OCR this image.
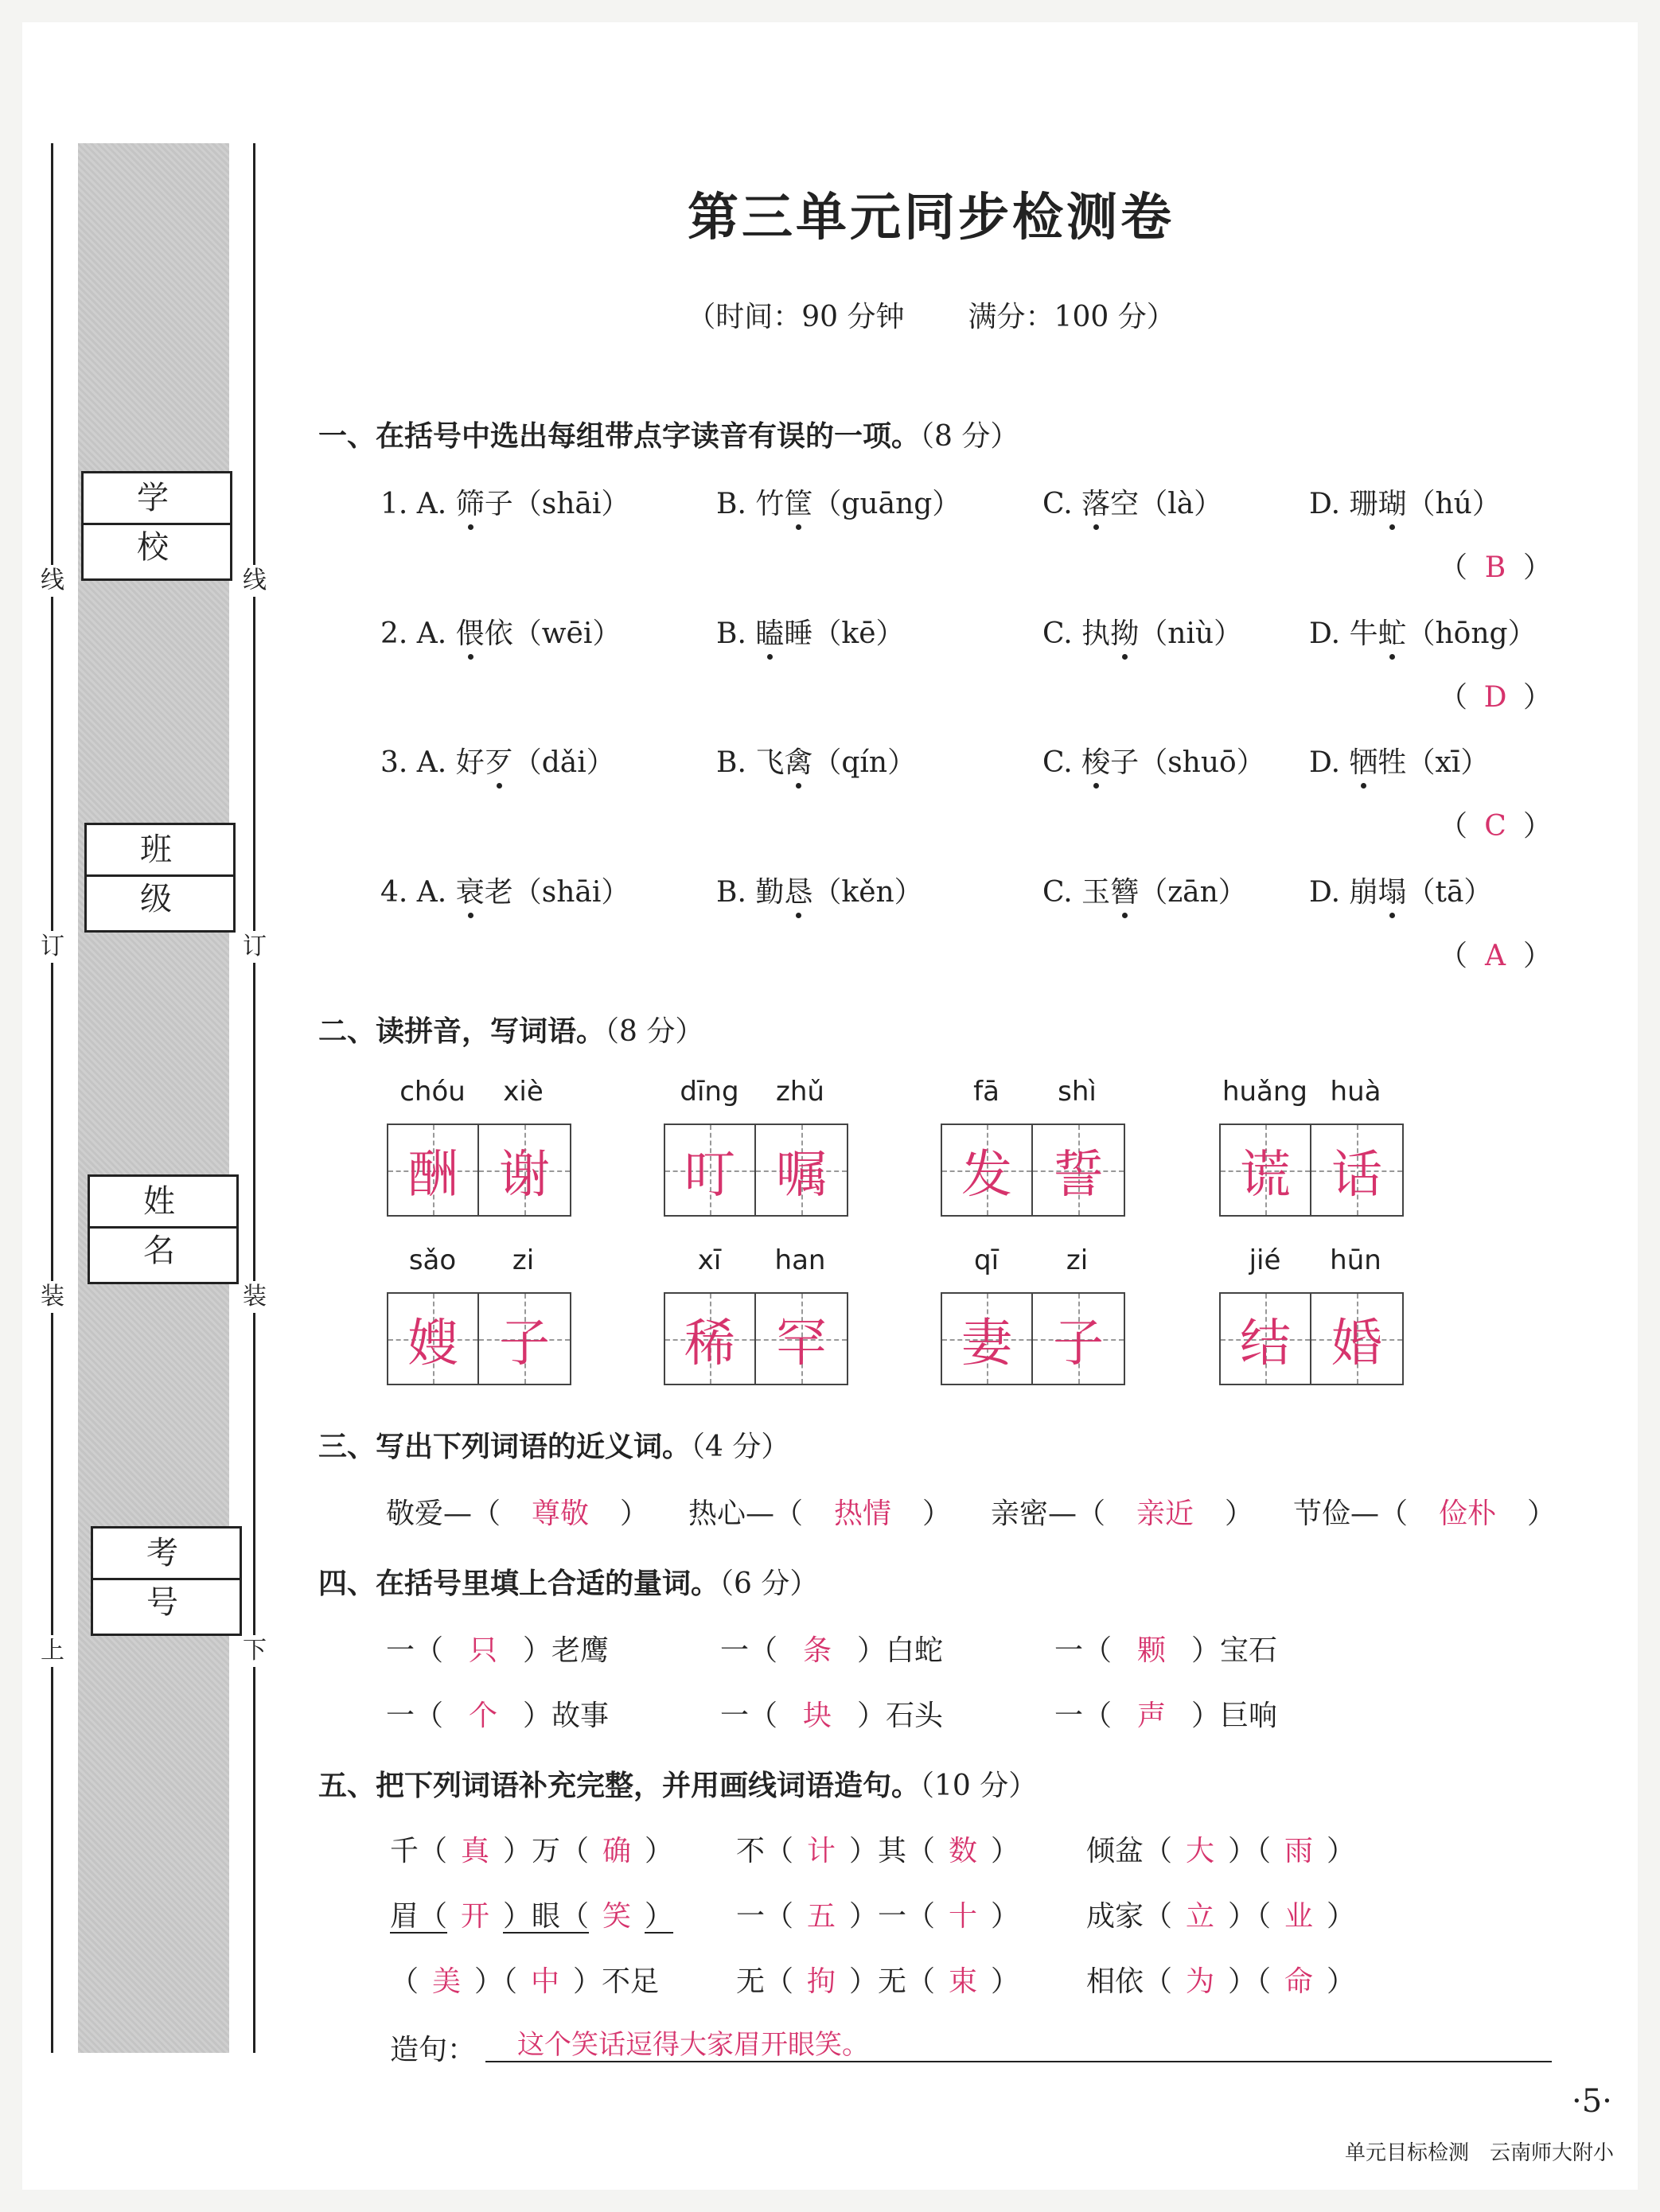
线	线
订	订
装	装
上	下
学 校
班 级
姓 名
考 号
第三单元同步检测卷
（时间：90 分钟 满分：100 分）
一、在括号中选出每组带点字读音有误的一项。（8 分）
1. A. 筛子（shāi）	B. 竹筐（guāng）	C. 落空（là）	D. 珊瑚（hú）
（ B ）
2. A. 偎依（wēi）	B. 瞌睡（kē）	C. 执拗（niù） D. 牛虻（hōng）
（ D ）
3. A. 好歹（dǎi）	B. 飞禽（qín）	C. 梭子（shuō） D. 牺牲（xī）
（ C ）
4. A. 衰老（shāi）	B. 勤恳（kěn）	C. 玉簪（zān） D. 崩塌（tā）
（ A ）
二、读拼音，写词语。（8 分）
chóu	xiè
酬 谢
dīng	zhǔ
叮 嘱
fā	shì
发 誓
huǎng huà
谎 话
sǎo	zi
嫂 子
xī	han
稀 罕
qī	zi
妻 子
jié	hūn
结 婚
三、写出下列词语的近义词。（4 分）
敬爱—（ 尊敬 ） 热心—（ 热情 ） 亲密—（ 亲近 ） 节俭—（ 俭朴 ）
四、在括号里填上合适的量词。（6 分）
一（ 只 ）老鹰	一（ 条 ）白蛇	一（ 颗 ）宝石
一（ 个 ）故事	一（ 块 ）石头	一（ 声 ）巨响
五、把下列词语补充完整，并用画线词语造句。（10 分）
千（ 真 ）万（ 确 ） 不（ 计 ）其（ 数 ） 倾盆（ 大 ）（ 雨 ）
眉（ 开 ）眼（ 笑 ） 一（ 五 ）一（ 十 ） 成家（ 立 ）（ 业 ）
（ 美 ）（ 中 ）不足	无（ 拘 ）无（ 束 ） 相依（ 为 ）（ 命 ）
造句： 这个笑话逗得大家眉开眼笑。
·5·
单元目标检测　云南师大附小
